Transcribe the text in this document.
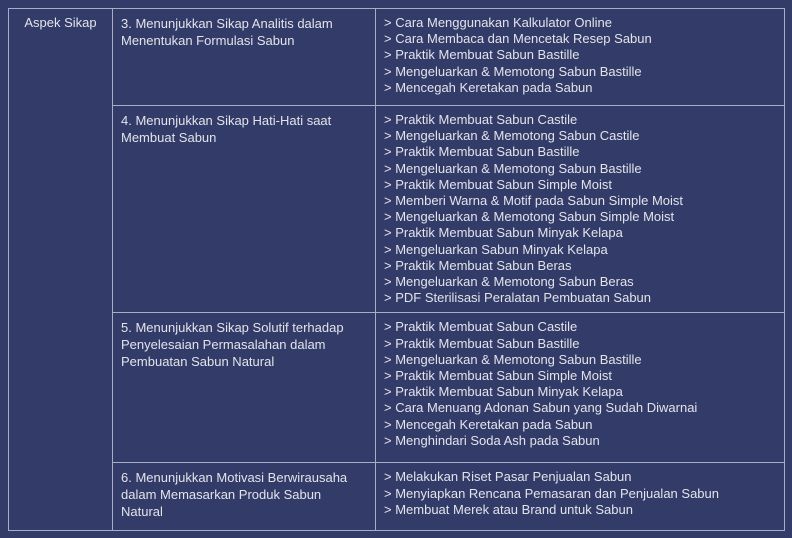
Aspek Sikap	3. Menunjukkan Sikap Analitis dalam
Menentukan Formulasi Sabun

> Cara Menggunakan Kalkulator Online
> Cara Membaca dan Mencetak Resep Sabun
> Praktik Membuat Sabun Bastille
> Mengeluarkan & Memotong Sabun Bastille
> Mencegah Keretakan pada Sabun

4. Menunjukkan Sikap Hati-Hati saat
Membuat Sabun

> Praktik Membuat Sabun Castile
> Mengeluarkan & Memotong Sabun Castile
> Praktik Membuat Sabun Bastille
> Mengeluarkan & Memotong Sabun Bastille
> Praktik Membuat Sabun Simple Moist
> Memberi Warna & Motif pada Sabun Simple Moist
> Mengeluarkan & Memotong Sabun Simple Moist
> Praktik Membuat Sabun Minyak Kelapa
> Mengeluarkan Sabun Minyak Kelapa
> Praktik Membuat Sabun Beras
> Mengeluarkan & Memotong Sabun Beras
> PDF Sterilisasi Peralatan Pembuatan Sabun

5. Menunjukkan Sikap Solutif terhadap
Penyelesaian Permasalahan dalam
Pembuatan Sabun Natural

> Praktik Membuat Sabun Castile
> Praktik Membuat Sabun Bastille
> Mengeluarkan & Memotong Sabun Bastille
> Praktik Membuat Sabun Simple Moist
> Praktik Membuat Sabun Minyak Kelapa
> Cara Menuang Adonan Sabun yang Sudah Diwarnai
> Mencegah Keretakan pada Sabun
> Menghindari Soda Ash pada Sabun

6. Menunjukkan Motivasi Berwirausaha
dalam Memasarkan Produk Sabun
Natural

> Melakukan Riset Pasar Penjualan Sabun
> Menyiapkan Rencana Pemasaran dan Penjualan Sabun
> Membuat Merek atau Brand untuk Sabun
